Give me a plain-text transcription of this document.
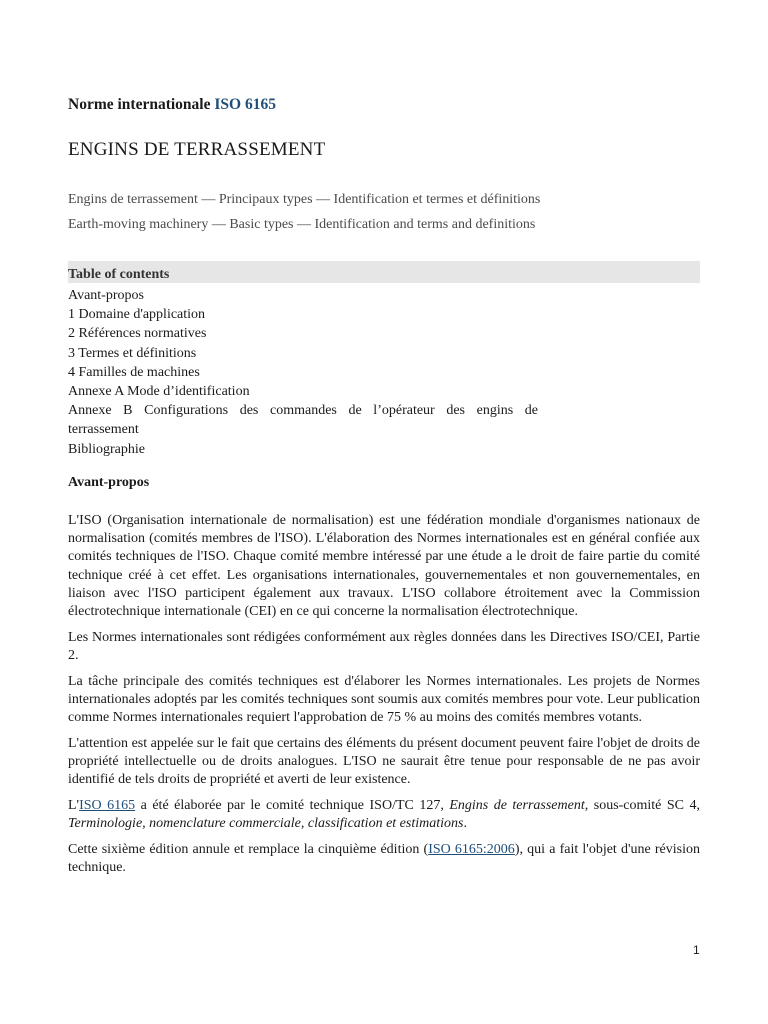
Norme internationale ISO 6165
ENGINS DE TERRASSEMENT
Engins de terrassement — Principaux types — Identification et termes et définitions
Earth-moving machinery — Basic types — Identification and terms and definitions
Table of contents
Avant-propos
1 Domaine d'application
2 Références normatives
3 Termes et définitions
4 Familles de machines
Annexe A Mode d’identification
Annexe B Configurations des commandes de l’opérateur des engins de terrassement
Bibliographie
Avant-propos

L'ISO (Organisation internationale de normalisation) est une fédération mondiale d'organismes nationaux de normalisation (comités membres de l'ISO). L'élaboration des Normes internationales est en général confiée aux comités techniques de l'ISO. Chaque comité membre intéressé par une étude a le droit de faire partie du comité technique créé à cet effet. Les organisations internationales, gouvernementales et non gouvernementales, en liaison avec l'ISO participent également aux travaux. L'ISO collabore étroitement avec la Commission électrotechnique internationale (CEI) en ce qui concerne la normalisation électrotechnique.

Les Normes internationales sont rédigées conformément aux règles données dans les Directives ISO/CEI, Partie 2.

La tâche principale des comités techniques est d'élaborer les Normes internationales. Les projets de Normes internationales adoptés par les comités techniques sont soumis aux comités membres pour vote. Leur publication comme Normes internationales requiert l'approbation de 75 % au moins des comités membres votants.

L'attention est appelée sur le fait que certains des éléments du présent document peuvent faire l'objet de droits de propriété intellectuelle ou de droits analogues. L'ISO ne saurait être tenue pour responsable de ne pas avoir identifié de tels droits de propriété et averti de leur existence.

L'ISO 6165 a été élaborée par le comité technique ISO/TC 127, Engins de terrassement, sous-comité SC 4, Terminologie, nomenclature commerciale, classification et estimations.

Cette sixième édition annule et remplace la cinquième édition (ISO 6165:2006), qui a fait l'objet d'une révision technique.

1
